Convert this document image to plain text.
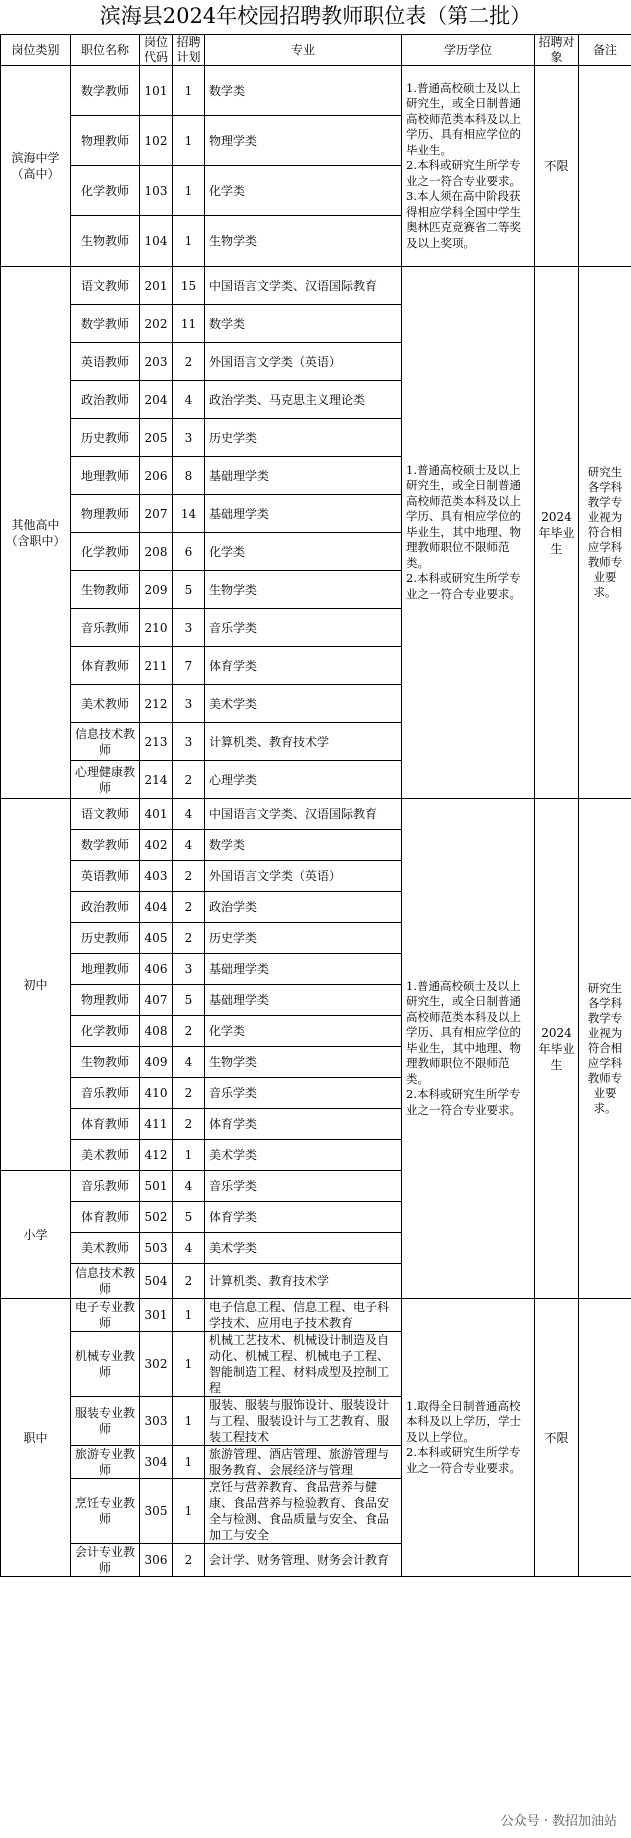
滨海县2024年校园招聘教师职位表（第二批）
岗位类别	职位名称	岗位代码	招聘计划	专业	学历学位	招聘对象	备注
滨海中学（高中）	数学教师	101	1	数学类	1.普通高校硕士及以上研究生，或全日制普通高校师范类本科及以上学历、具有相应学位的毕业生。
2.本科或研究生所学专业之一符合专业要求。
3.本人须在高中阶段获得相应学科全国中学生奥林匹克竞赛省二等奖及以上奖项。	不限	
	物理教师	102	1	物理学类			
	化学教师	103	1	化学类			
	生物教师	104	1	生物学类			
其他高中（含职中）	语文教师	201	15	中国语言文学类、汉语国际教育	1.普通高校硕士及以上研究生，或全日制普通高校师范类本科及以上学历、具有相应学位的毕业生，其中地理、物理教师职位不限师范类。
2.本科或研究生所学专业之一符合专业要求。	2024年毕业生	研究生各学科教学专业视为符合相应学科教师专业要求。
	数学教师	202	11	数学类			
	英语教师	203	2	外国语言文学类（英语）			
	政治教师	204	4	政治学类、马克思主义理论类			
	历史教师	205	3	历史学类			
	地理教师	206	8	基础理学类			
	物理教师	207	14	基础理学类			
	化学教师	208	6	化学类			
	生物教师	209	5	生物学类			
	音乐教师	210	3	音乐学类			
	体育教师	211	7	体育学类			
	美术教师	212	3	美术学类			
	信息技术教师	213	3	计算机类、教育技术学			
	心理健康教师	214	2	心理学类			
初中	语文教师	401	4	中国语言文学类、汉语国际教育	1.普通高校硕士及以上研究生，或全日制普通高校师范类本科及以上学历、具有相应学位的毕业生，其中地理、物理教师职位不限师范类。
2.本科或研究生所学专业之一符合专业要求。	2024年毕业生	研究生各学科教学专业视为符合相应学科教师专业要求。
	数学教师	402	4	数学类			
	英语教师	403	2	外国语言文学类（英语）			
	政治教师	404	2	政治学类			
	历史教师	405	2	历史学类			
	地理教师	406	3	基础理学类			
	物理教师	407	5	基础理学类			
	化学教师	408	2	化学类			
	生物教师	409	4	生物学类			
	音乐教师	410	2	音乐学类			
	体育教师	411	2	体育学类			
	美术教师	412	1	美术学类			
小学	音乐教师	501	4	音乐学类			
	体育教师	502	5	体育学类			
	美术教师	503	4	美术学类			
	信息技术教师	504	2	计算机类、教育技术学			
职中	电子专业教师	301	1	电子信息工程、信息工程、电子科学技术、应用电子技术教育	1.取得全日制普通高校本科及以上学历，学士及以上学位。
2.本科或研究生所学专业之一符合专业要求。	不限	
	机械专业教师	302	1	机械工艺技术、机械设计制造及自动化、机械工程、机械电子工程、智能制造工程、材料成型及控制工程			
	服装专业教师	303	1	服装、服装与服饰设计、服装设计与工程、服装设计与工艺教育、服装工程技术			
	旅游专业教师	304	1	旅游管理、酒店管理、旅游管理与服务教育、会展经济与管理			
	烹饪专业教师	305	1	烹饪与营养教育、食品营养与健康、食品营养与检验教育、食品安全与检测、食品质量与安全、食品加工与安全			
	会计专业教师	306	2	会计学、财务管理、财务会计教育			
公众号 · 教招加油站
